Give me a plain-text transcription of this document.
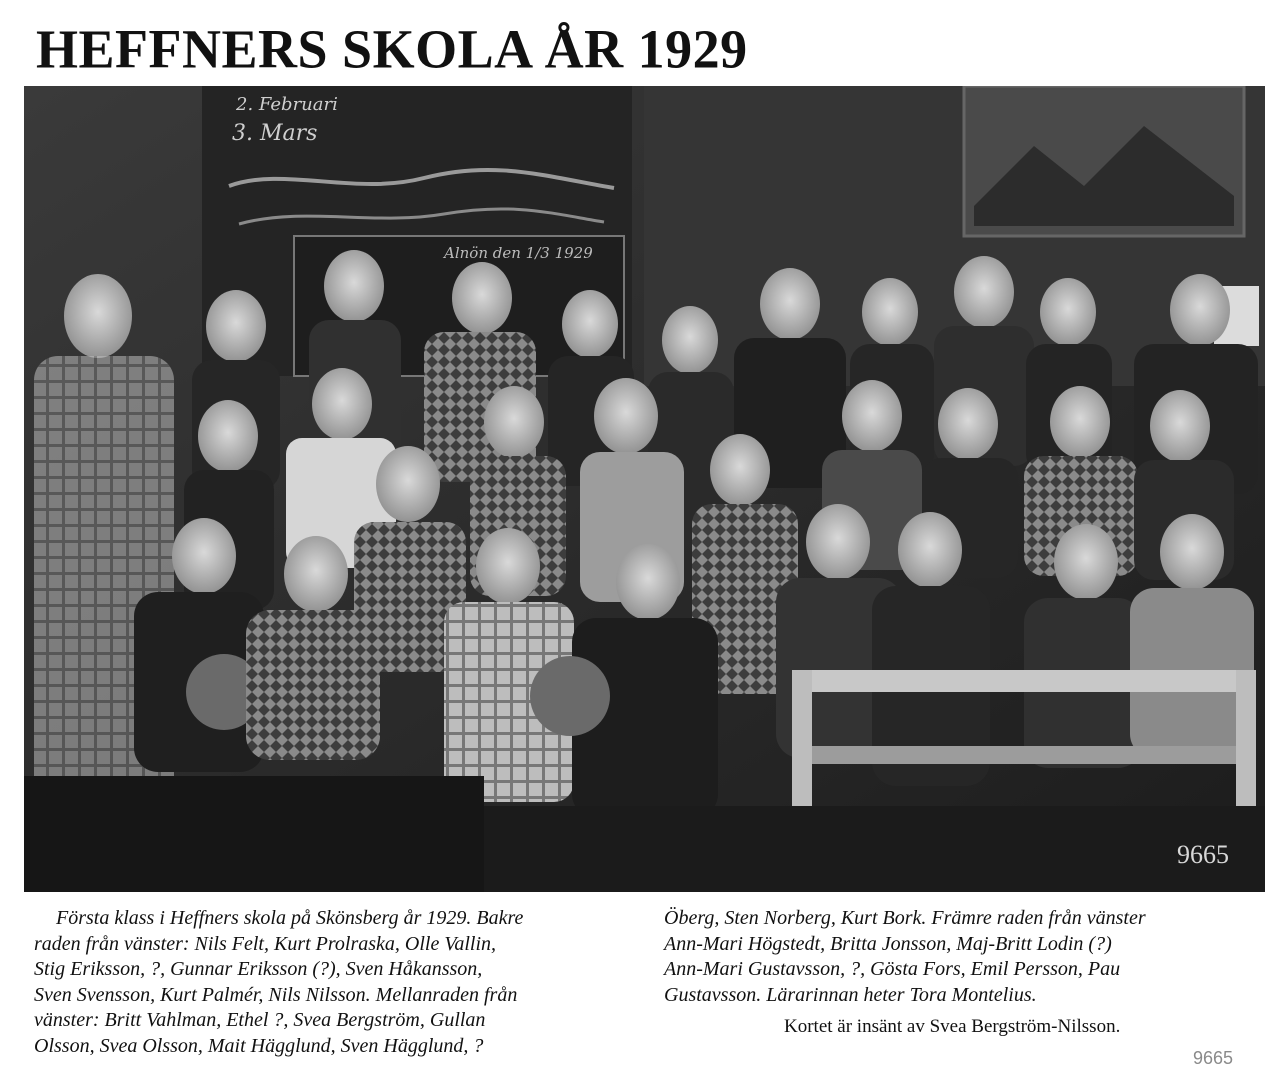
HEFFNERS SKOLA ÅR 1929
2. Februari
3. Mars
Alnön den 1/3 1929
9665

Första klass i Heffners skola på Skönsberg år 1929. Bakre
raden från vänster: Nils Felt, Kurt Prolraska, Olle Vallin,
Stig Eriksson, ?, Gunnar Eriksson (?), Sven Håkansson,
Sven Svensson, Kurt Palmér, Nils Nilsson. Mellanraden från
vänster: Britt Vahlman, Ethel ?, Svea Bergström, Gullan
Olsson, Svea Olsson, Mait Hägglund, Sven Hägglund, ?

Öberg, Sten Norberg, Kurt Bork. Främre raden från vänster
Ann-Mari Högstedt, Britta Jonsson, Maj-Britt Lodin (?)
Ann-Mari Gustavsson, ?, Gösta Fors, Emil Persson, Pau
Gustavsson. Lärarinnan heter Tora Montelius.

Kortet är insänt av Svea Bergström-Nilsson.
9665
